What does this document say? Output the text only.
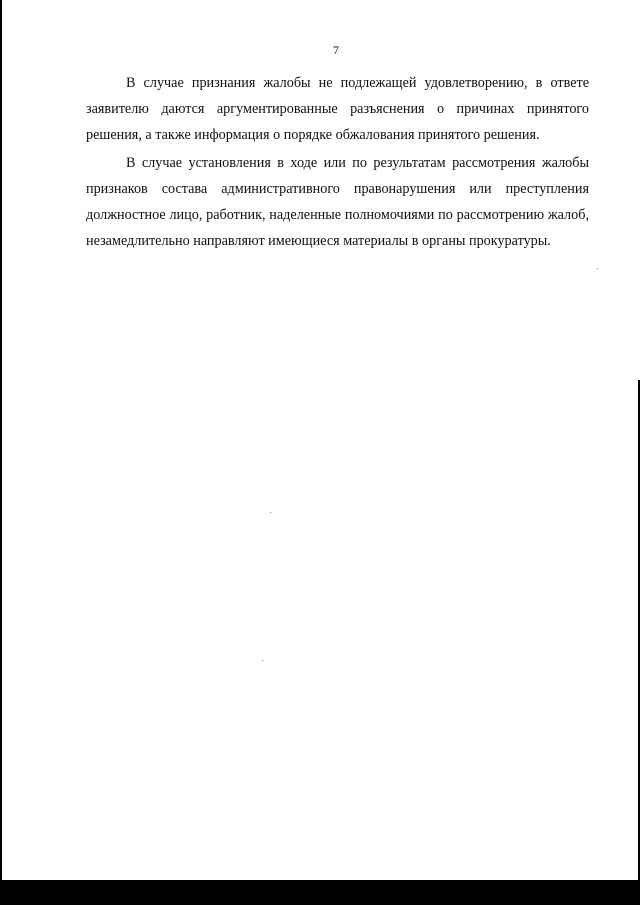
7

В случае признания жалобы не подлежащей удовлетворению, в ответе заявителю даются аргументированные разъяснения о причинах принятого решения, а также информация о порядке обжалования принятого решения.

В случае установления в ходе или по результатам рассмотрения жалобы признаков состава административного правонарушения или преступления должностное лицо, работник, наделенные полномочиями по рассмотрению жалоб, незамедлительно направляют имеющиеся материалы в органы прокуратуры.
